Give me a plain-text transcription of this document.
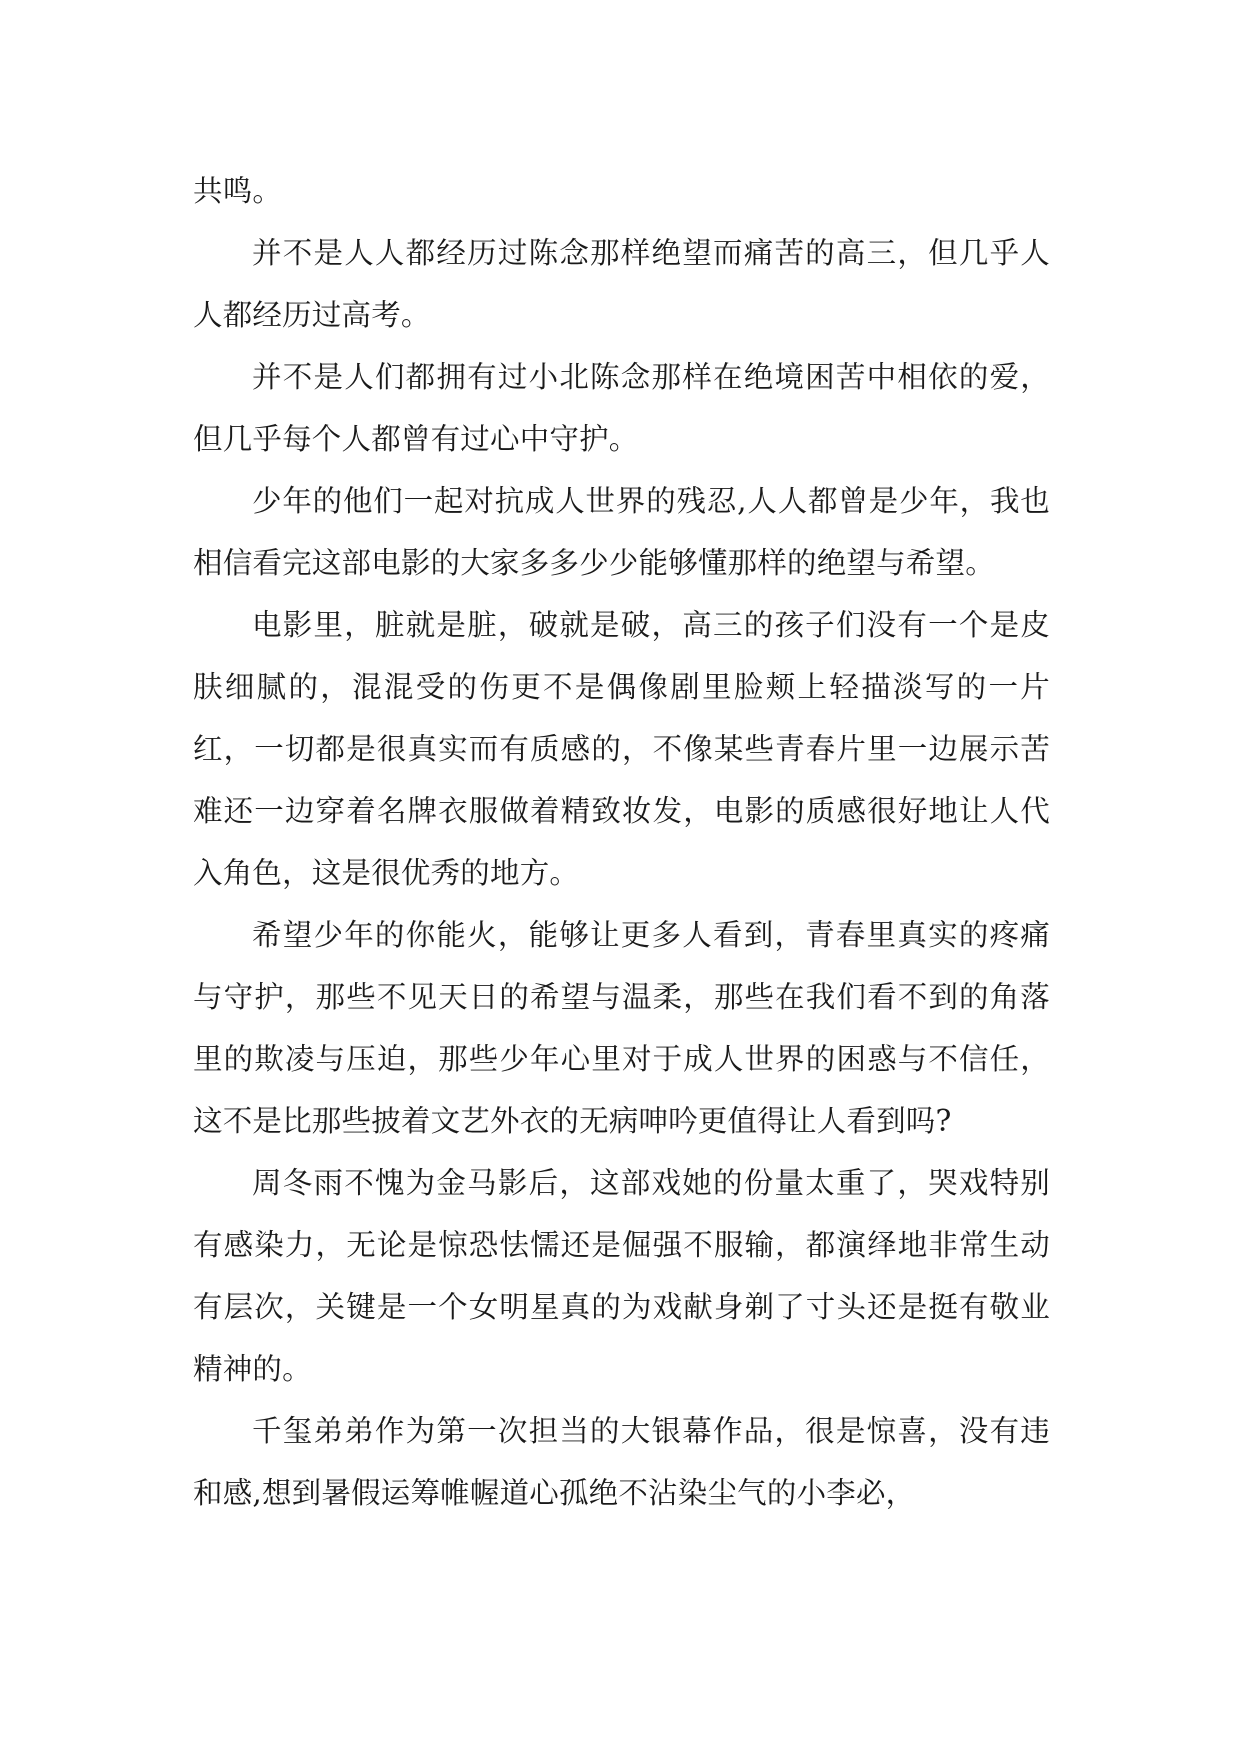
共鸣。

并不是人人都经历过陈念那样绝望而痛苦的高三，但几乎人人都经历过高考。

并不是人们都拥有过小北陈念那样在绝境困苦中相依的爱，但几乎每个人都曾有过心中守护。

少年的他们一起对抗成人世界的残忍,人人都曾是少年，我也相信看完这部电影的大家多多少少能够懂那样的绝望与希望。

电影里，脏就是脏，破就是破，高三的孩子们没有一个是皮肤细腻的，混混受的伤更不是偶像剧里脸颊上轻描淡写的一片红，一切都是很真实而有质感的，不像某些青春片里一边展示苦难还一边穿着名牌衣服做着精致妆发，电影的质感很好地让人代入角色，这是很优秀的地方。

希望少年的你能火，能够让更多人看到，青春里真实的疼痛与守护，那些不见天日的希望与温柔，那些在我们看不到的角落里的欺凌与压迫，那些少年心里对于成人世界的困惑与不信任，这不是比那些披着文艺外衣的无病呻吟更值得让人看到吗?

周冬雨不愧为金马影后，这部戏她的份量太重了，哭戏特别有感染力，无论是惊恐怯懦还是倔强不服输，都演绎地非常生动有层次，关键是一个女明星真的为戏献身剃了寸头还是挺有敬业精神的。

千玺弟弟作为第一次担当的大银幕作品，很是惊喜，没有违和感,想到暑假运筹帷幄道心孤绝不沾染尘气的小李必，
